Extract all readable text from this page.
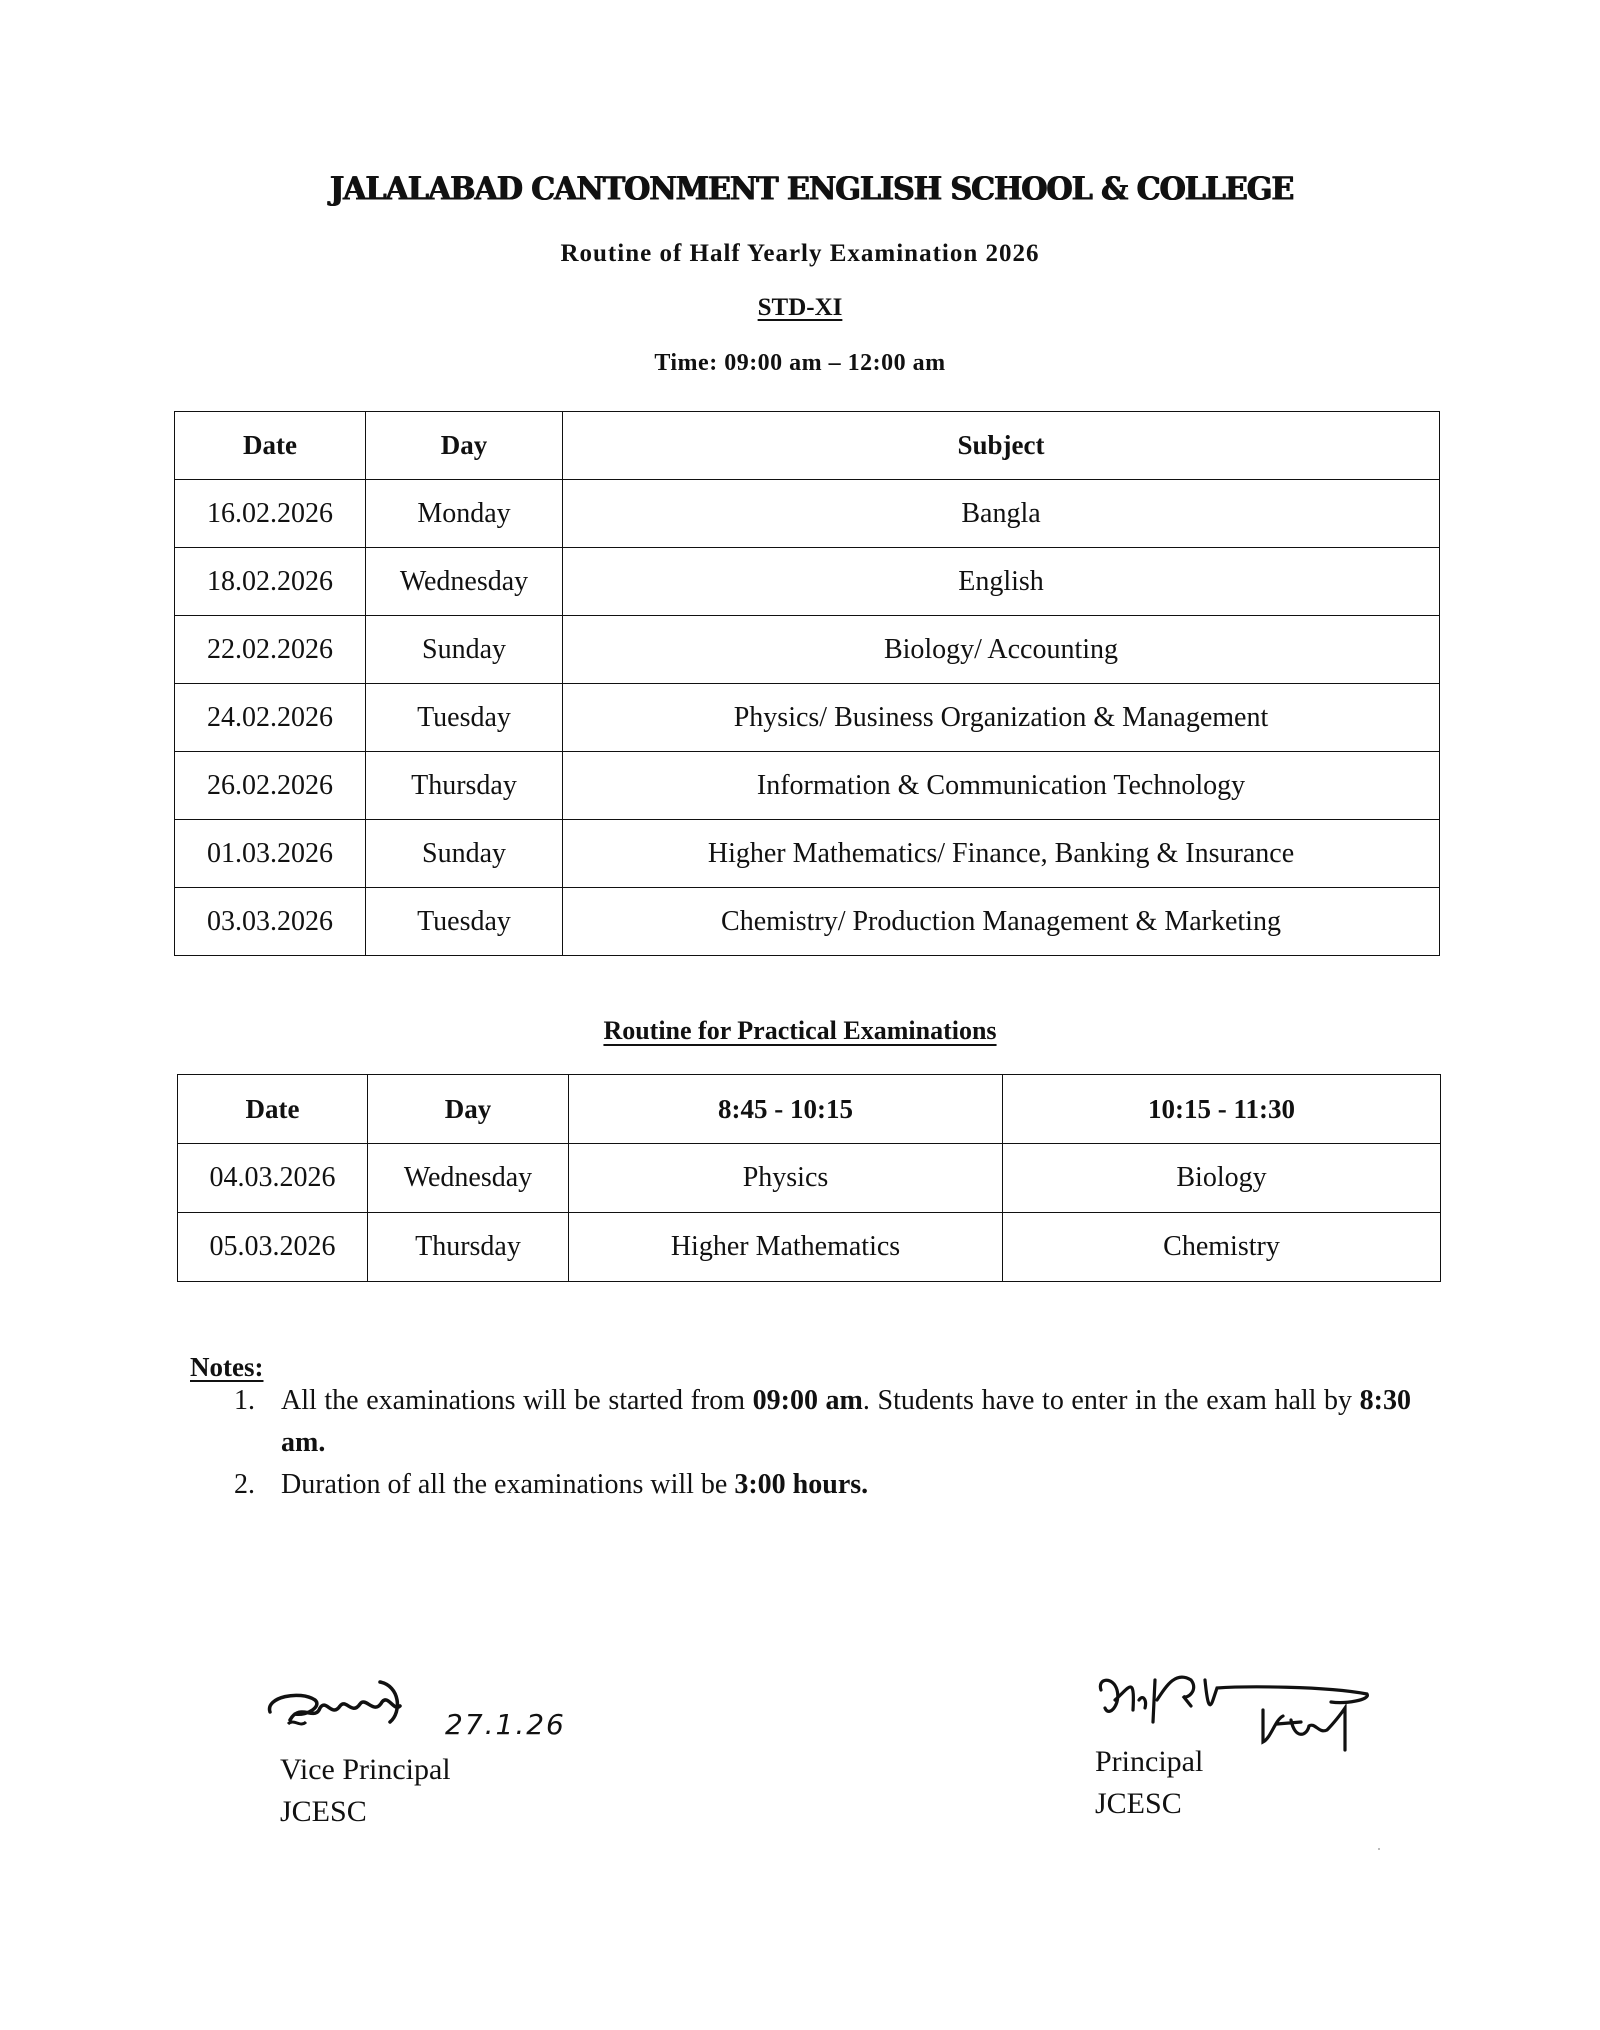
JALALABAD CANTONMENT ENGLISH SCHOOL & COLLEGE
Routine of Half Yearly Examination 2026
STD-XI
Time: 09:00 am – 12:00 am
Date	Day	Subject
16.02.2026	Monday	Bangla
18.02.2026	Wednesday	English
22.02.2026	Sunday	Biology/ Accounting
24.02.2026	Tuesday	Physics/ Business Organization & Management
26.02.2026	Thursday	Information & Communication Technology
01.03.2026	Sunday	Higher Mathematics/ Finance, Banking & Insurance
03.03.2026	Tuesday	Chemistry/ Production Management & Marketing
Routine for Practical Examinations
Date	Day	8:45 - 10:15	10:15 - 11:30
04.03.2026	Wednesday	Physics	Biology
05.03.2026	Thursday	Higher Mathematics	Chemistry
Notes:
1. All the examinations will be started from 09:00 am. Students have to enter in the exam hall by 8:30 am.
2. Duration of all the examinations will be 3:00 hours.
27.1.26
Vice Principal
JCESC
Principal
JCESC
